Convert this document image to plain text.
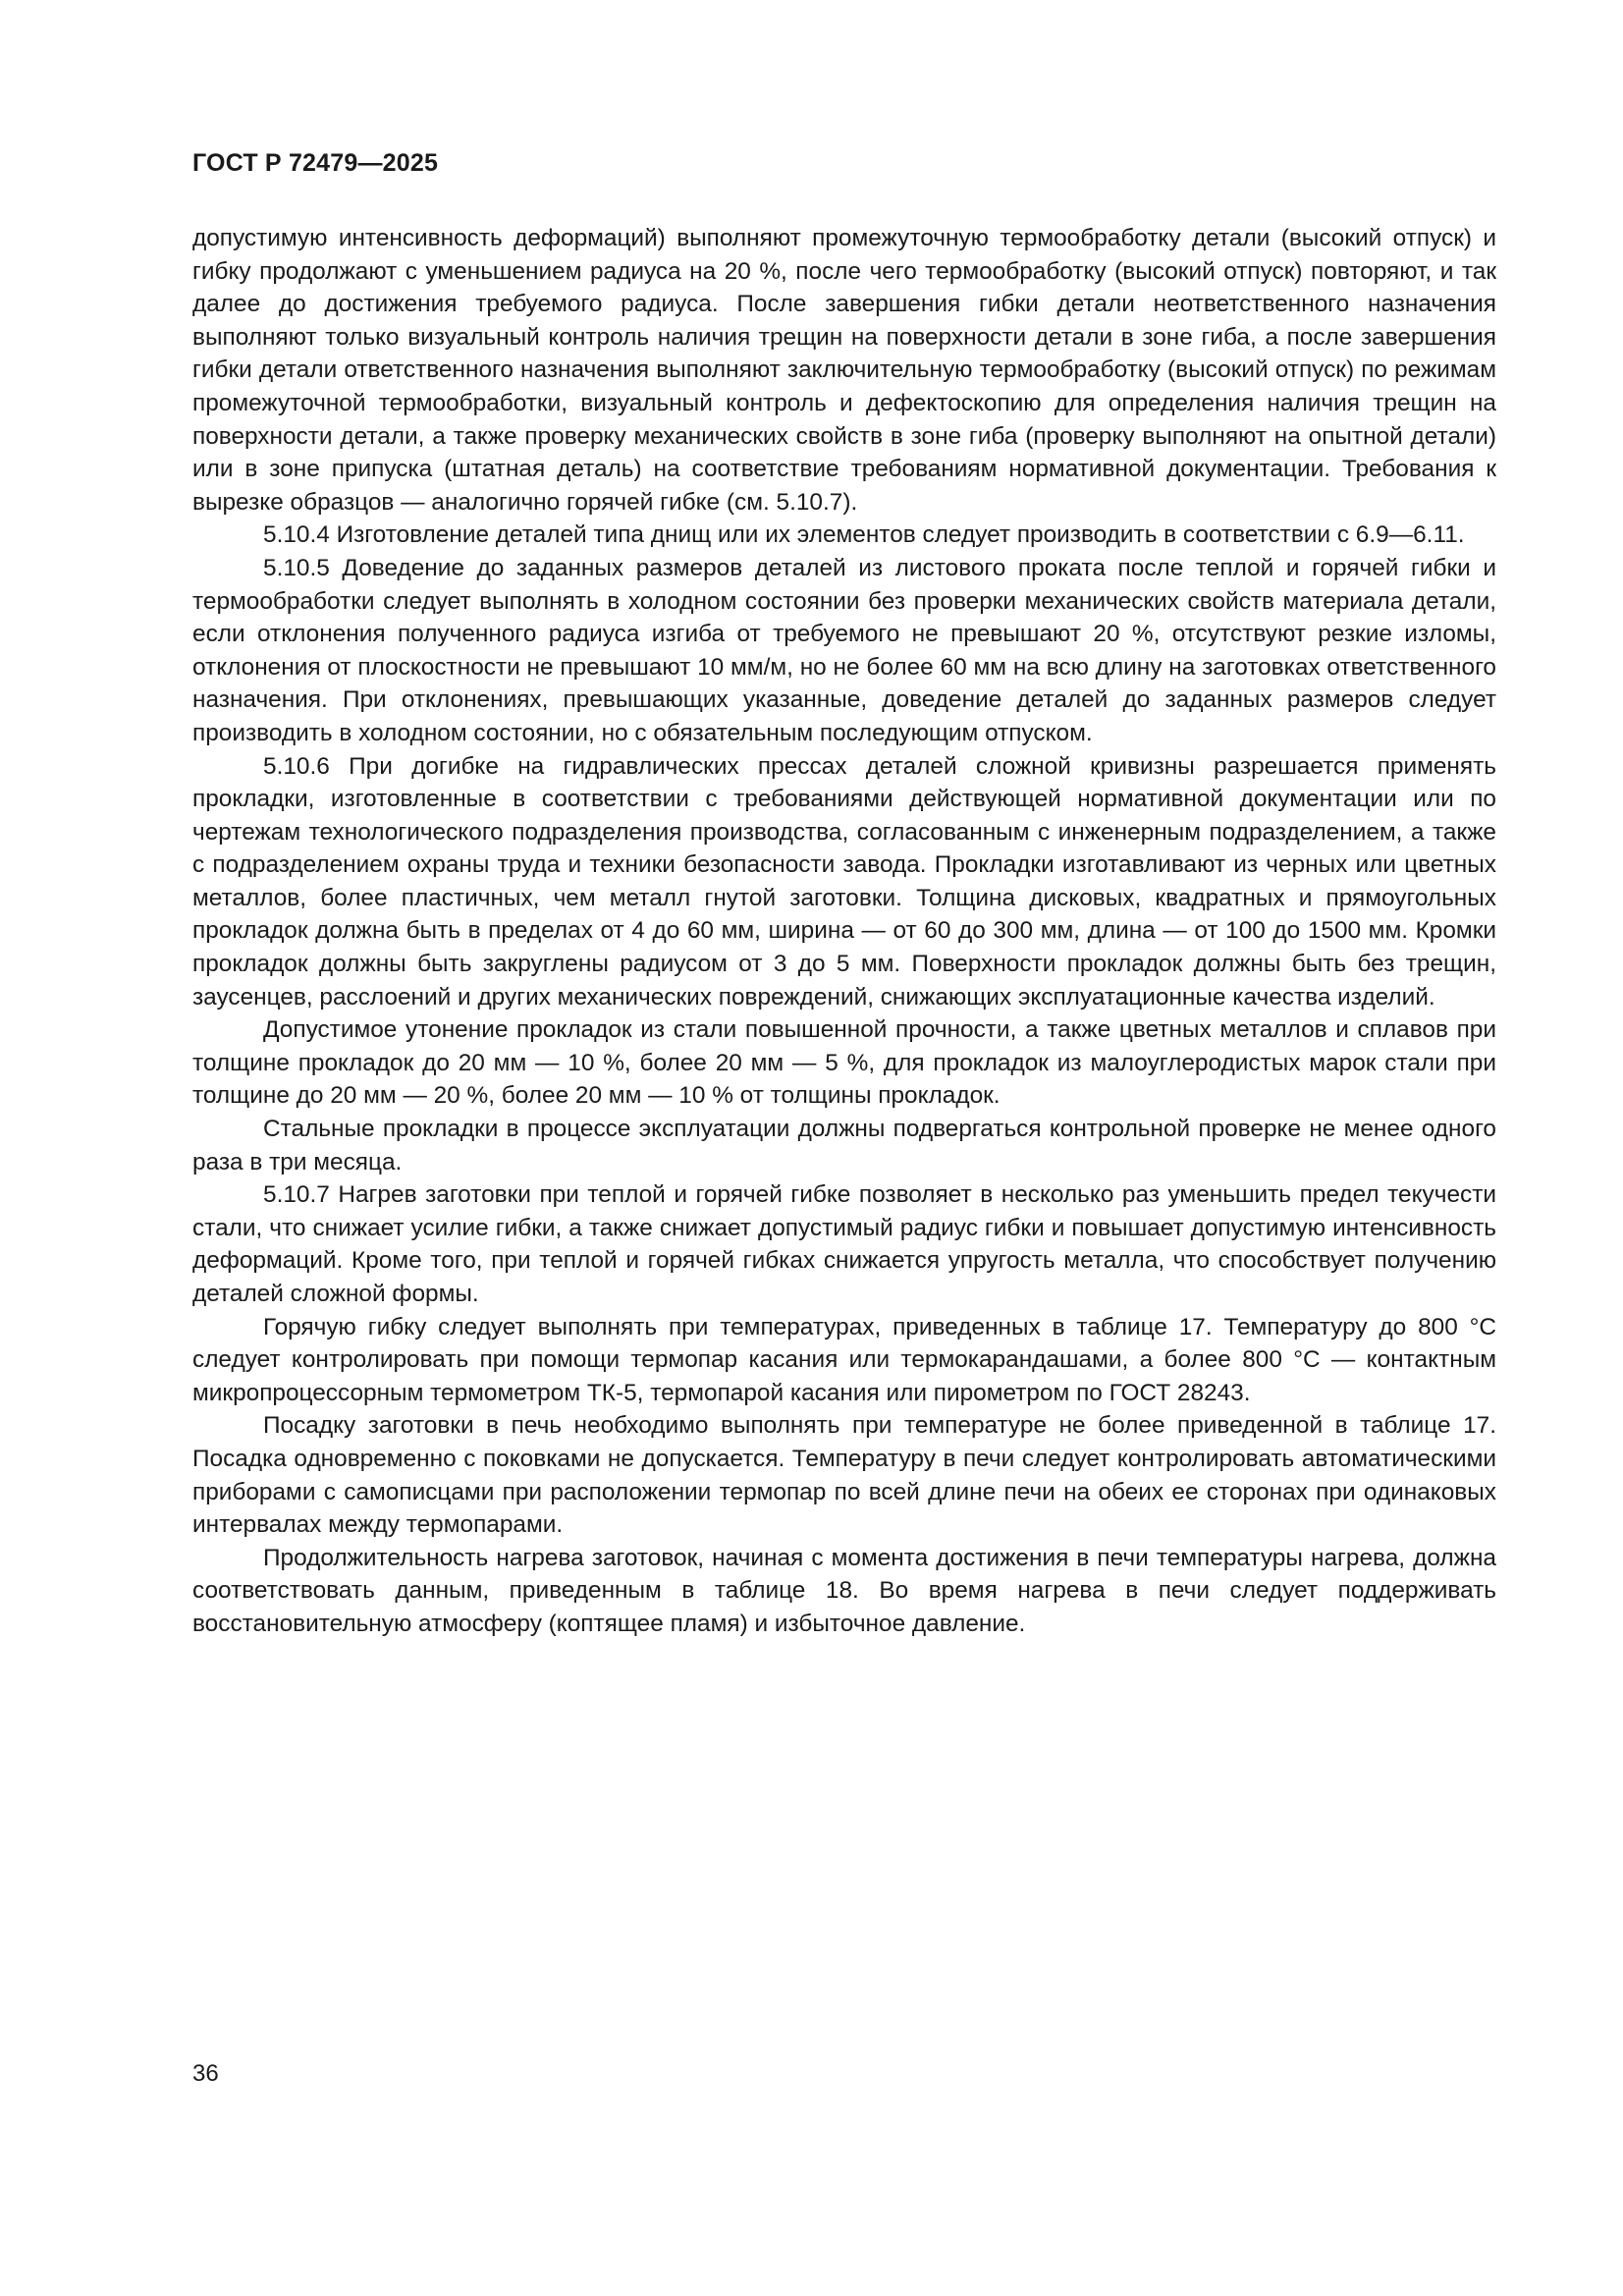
ГОСТ Р 72479—2025

допустимую интенсивность деформаций) выполняют промежуточную термообработку детали (высокий отпуск) и гибку продолжают с уменьшением радиуса на 20 %, после чего термообработку (высокий отпуск) повторяют, и так далее до достижения требуемого радиуса. После завершения гибки детали неответственного назначения выполняют только визуальный контроль наличия трещин на поверхности детали в зоне гиба, а после завершения гибки детали ответственного назначения выполняют заключительную термообработку (высокий отпуск) по режимам промежуточной термообработки, визуальный контроль и дефектоскопию для определения наличия трещин на поверхности детали, а также проверку механических свойств в зоне гиба (проверку выполняют на опытной детали) или в зоне припуска (штатная деталь) на соответствие требованиям нормативной документации. Требования к вырезке образцов — аналогично горячей гибке (см. 5.10.7).

5.10.4 Изготовление деталей типа днищ или их элементов следует производить в соответствии с 6.9—6.11.

5.10.5 Доведение до заданных размеров деталей из листового проката после теплой и горячей гибки и термообработки следует выполнять в холодном состоянии без проверки механических свойств материала детали, если отклонения полученного радиуса изгиба от требуемого не превышают 20 %, отсутствуют резкие изломы, отклонения от плоскостности не превышают 10 мм/м, но не более 60 мм на всю длину на заготовках ответственного назначения. При отклонениях, превышающих указанные, доведение деталей до заданных размеров следует производить в холодном состоянии, но с обязательным последующим отпуском.

5.10.6 При догибке на гидравлических прессах деталей сложной кривизны разрешается применять прокладки, изготовленные в соответствии с требованиями действующей нормативной документации или по чертежам технологического подразделения производства, согласованным с инженерным подразделением, а также с подразделением охраны труда и техники безопасности завода. Прокладки изготавливают из черных или цветных металлов, более пластичных, чем металл гнутой заготовки. Толщина дисковых, квадратных и прямоугольных прокладок должна быть в пределах от 4 до 60 мм, ширина — от 60 до 300 мм, длина — от 100 до 1500 мм. Кромки прокладок должны быть закруглены радиусом от 3 до 5 мм. Поверхности прокладок должны быть без трещин, заусенцев, расслоений и других механических повреждений, снижающих эксплуатационные качества изделий.

Допустимое утонение прокладок из стали повышенной прочности, а также цветных металлов и сплавов при толщине прокладок до 20 мм — 10 %, более 20 мм — 5 %, для прокладок из малоуглеродистых марок стали при толщине до 20 мм — 20 %, более 20 мм — 10 % от толщины прокладок.

Стальные прокладки в процессе эксплуатации должны подвергаться контрольной проверке не менее одного раза в три месяца.

5.10.7 Нагрев заготовки при теплой и горячей гибке позволяет в несколько раз уменьшить предел текучести стали, что снижает усилие гибки, а также снижает допустимый радиус гибки и повышает допустимую интенсивность деформаций. Кроме того, при теплой и горячей гибках снижается упругость металла, что способствует получению деталей сложной формы.

Горячую гибку следует выполнять при температурах, приведенных в таблице 17. Температуру до 800 °С следует контролировать при помощи термопар касания или термокарандашами, а более 800 °С — контактным микропроцессорным термометром ТК-5, термопарой касания или пирометром по ГОСТ 28243.

Посадку заготовки в печь необходимо выполнять при температуре не более приведенной в таблице 17. Посадка одновременно с поковками не допускается. Температуру в печи следует контролировать автоматическими приборами с самописцами при расположении термопар по всей длине печи на обеих ее сторонах при одинаковых интервалах между термопарами.

Продолжительность нагрева заготовок, начиная с момента достижения в печи температуры нагрева, должна соответствовать данным, приведенным в таблице 18. Во время нагрева в печи следует поддерживать восстановительную атмосферу (коптящее пламя) и избыточное давление.

36
